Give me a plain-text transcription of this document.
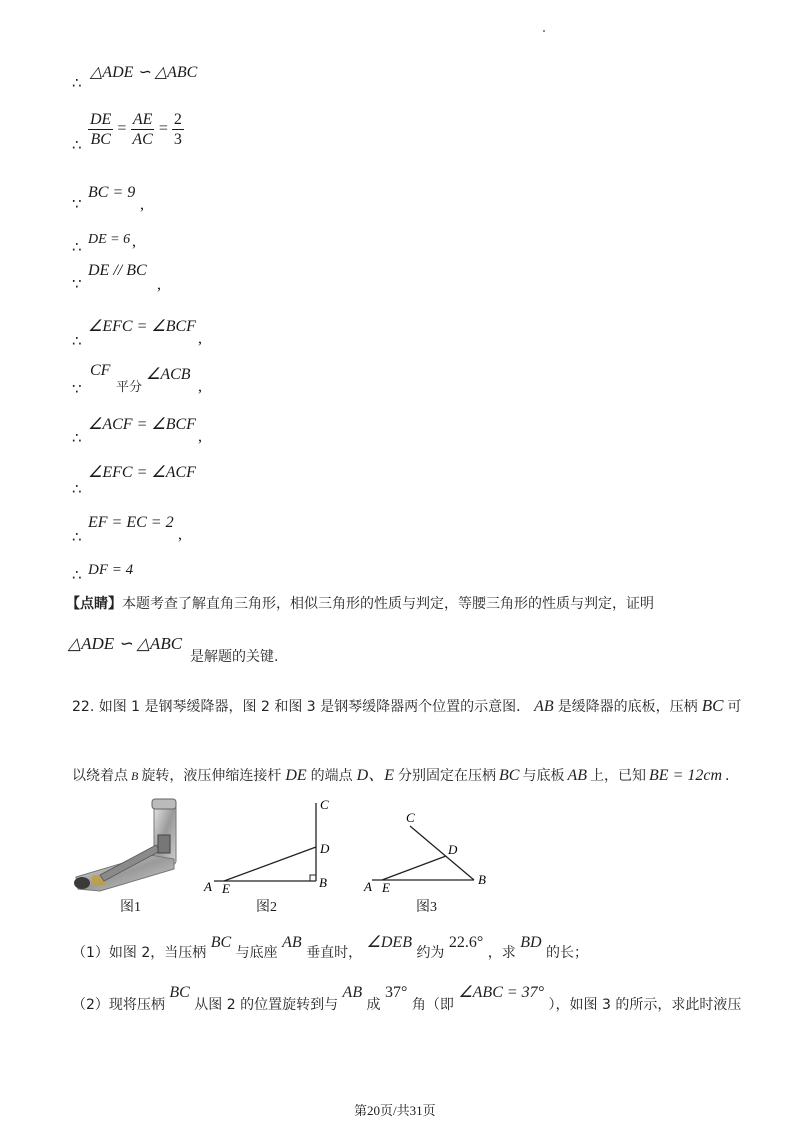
∴
△ADE ∽ △ABC
∴ $\frac{DE}{BC} = \frac{AE}{AC} = \frac{2}{3}$
∵
BC = 9
,
∴ DE = 6 ,
∵
DE // BC
,
∴
∠EFC = ∠BCF
,
∵
CF
平分
∠ACB
,
∴
∠ACF = ∠BCF
,
∠EFC = ∠ACF
∴
∴
EF = EC = 2
,
∴ DF = 4
【点睛】本题考查了解直角三角形，相似三角形的性质与判定，等腰三角形的性质与判定，证明
△ADE ∽ △ABC
是解题的关键.
22. 如图 1 是钢琴缓降器，图 2 和图 3 是钢琴缓降器两个位置的示意图． AB 是缓降器的底板，压柄 BC 可
以绕着点 B 旋转，液压伸缩连接杆 DE 的端点 D、E 分别固定在压柄 BC 与底板 AB 上，已知 BE = 12cm .
图1
A E	B
C
D
图2
A E
B
C
D
图3
（1）如图 2，当压柄 BC 与底座 AB 垂直时， ∠DEB 约为 22.6° ，求 BD 的长；
（2）现将压柄 BC 从图 2 的位置旋转到与 AB 成 37° 角（即 ∠ABC = 37° ），如图 3 的所示，求此时液压
第20页/共31页
